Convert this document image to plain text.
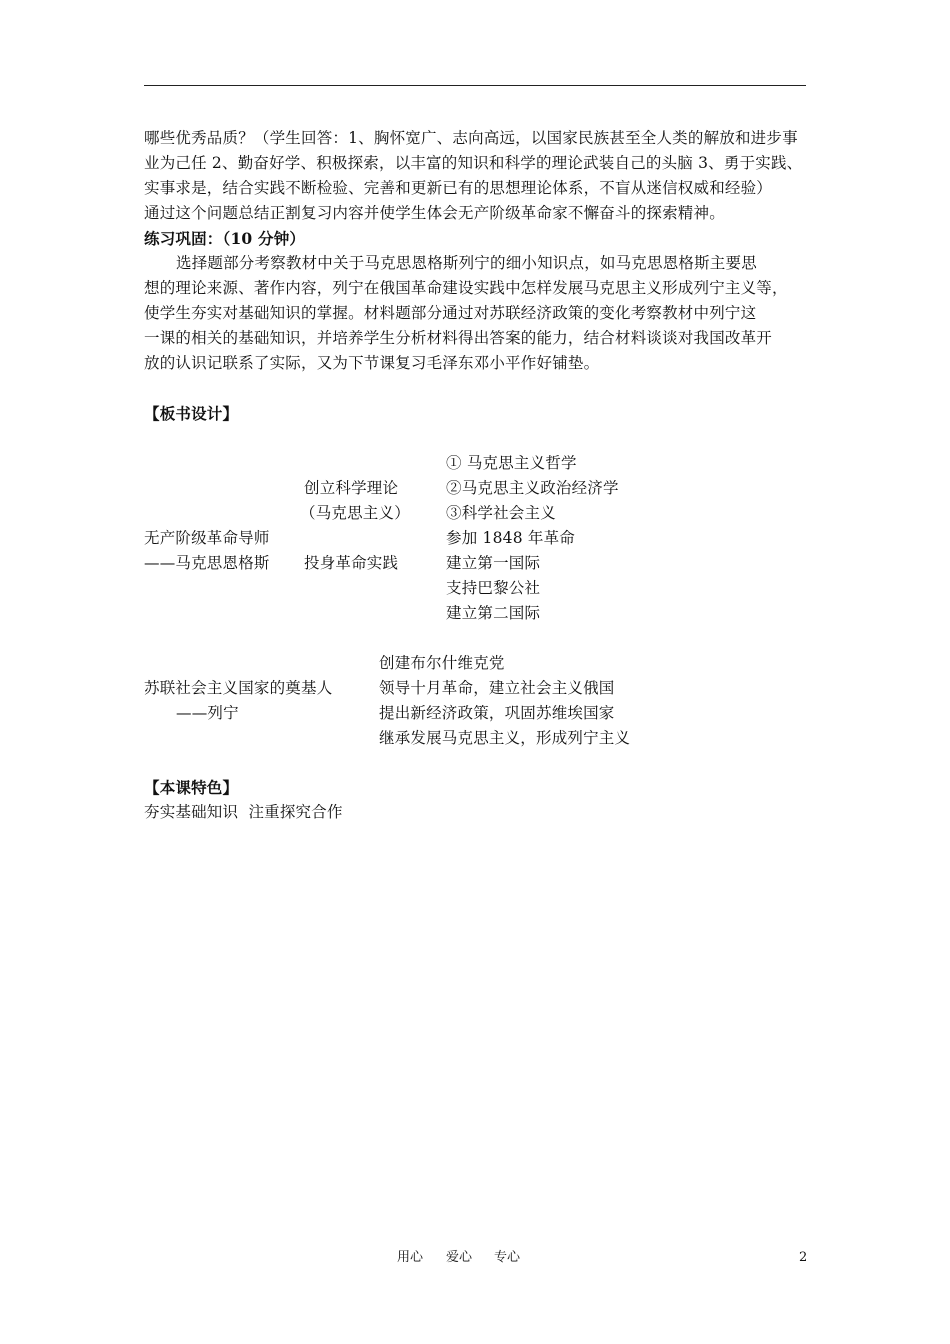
哪些优秀品质？（学生回答：1、胸怀宽广、志向高远，以国家民族甚至全人类的解放和进步事
业为己任 2、勤奋好学、积极探索，以丰富的知识和科学的理论武装自己的头脑 3、勇于实践、
实事求是，结合实践不断检验、完善和更新已有的思想理论体系，不盲从迷信权威和经验）
通过这个问题总结正割复习内容并使学生体会无产阶级革命家不懈奋斗的探索精神。
练习巩固：（10 分钟）
选择题部分考察教材中关于马克思恩格斯列宁的细小知识点，如马克思恩格斯主要思
想的理论来源、著作内容，列宁在俄国革命建设实践中怎样发展马克思主义形成列宁主义等，
使学生夯实对基础知识的掌握。材料题部分通过对苏联经济政策的变化考察教材中列宁这
一课的相关的基础知识，并培养学生分析材料得出答案的能力，结合材料谈谈对我国改革开
放的认识记联系了实际，又为下节课复习毛泽东邓小平作好铺垫。
【板书设计】
① 马克思主义哲学
创立科学理论	②马克思主义政治经济学
（马克思主义） ③科学社会主义
无产阶级革命导师	参加 1848 年革命
——马克思恩格斯 投身革命实践	建立第一国际
支持巴黎公社
建立第二国际
创建布尔什维克党
苏联社会主义国家的奠基人	领导十月革命，建立社会主义俄国
——列宁	提出新经济政策，巩固苏维埃国家
继承发展马克思主义，形成列宁主义
【本课特色】
夯实基础知识  注重探究合作
用心 爱心 专心	2
